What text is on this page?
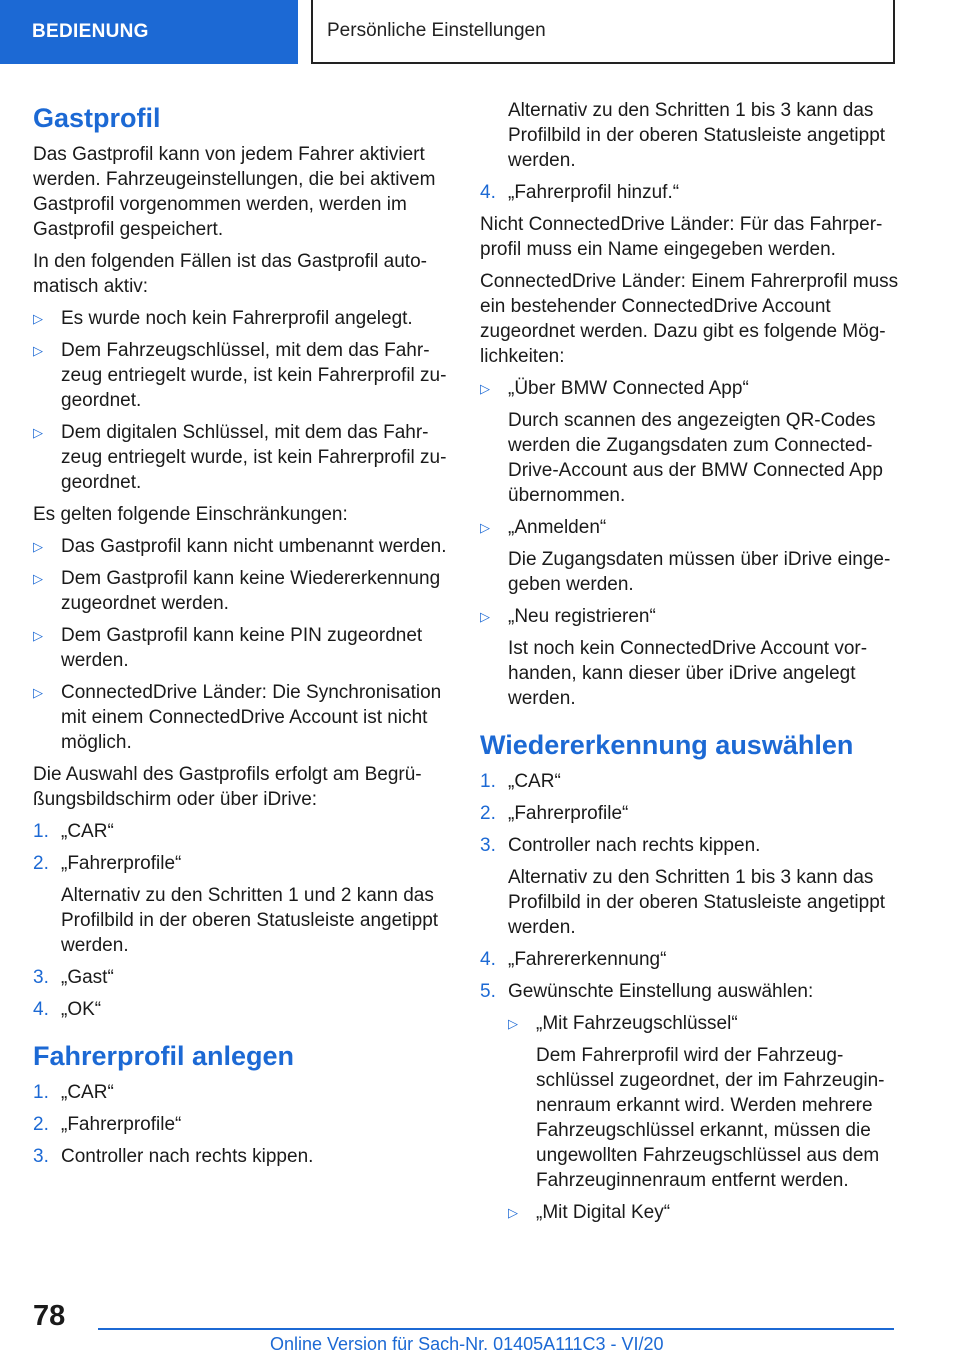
BEDIENUNG	Persönliche Einstellungen
Gastprofil

Das Gastprofil kann von jedem Fahrer aktiviert werden. Fahrzeugeinstellungen, die bei aktivem Gastprofil vorgenommen werden, werden im Gastprofil gespeichert.

In den folgenden Fällen ist das Gastprofil auto‐matisch aktiv:

▷ Es wurde noch kein Fahrerprofil angelegt.
▷ Dem Fahrzeugschlüssel, mit dem das Fahr‐zeug entriegelt wurde, ist kein Fahrerprofil zu‐geordnet.
▷ Dem digitalen Schlüssel, mit dem das Fahr‐zeug entriegelt wurde, ist kein Fahrerprofil zu‐geordnet.

Es gelten folgende Einschränkungen:

▷ Das Gastprofil kann nicht umbenannt werden.
▷ Dem Gastprofil kann keine Wiedererkennung zugeordnet werden.
▷ Dem Gastprofil kann keine PIN zugeordnet werden.
▷ ConnectedDrive Länder: Die Synchronisation mit einem ConnectedDrive Account ist nicht möglich.

Die Auswahl des Gastprofils erfolgt am Begrü‐ßungsbildschirm oder über iDrive:

1. „CAR“
2. „Fahrerprofile“

Alternativ zu den Schritten 1 und 2 kann das Profilbild in der oberen Statusleiste angetippt werden.

3. „Gast“
4. „OK“
Fahrerprofil anlegen
1. „CAR“
2. „Fahrerprofile“
3. Controller nach rechts kippen.

Alternativ zu den Schritten 1 bis 3 kann das Profilbild in der oberen Statusleiste angetippt werden.

4. „Fahrerprofil hinzuf.“

Nicht ConnectedDrive Länder: Für das Fahrper‐profil muss ein Name eingegeben werden.

ConnectedDrive Länder: Einem Fahrerprofil muss ein bestehender ConnectedDrive Account zugeordnet werden. Dazu gibt es folgende Mög‐lichkeiten:

▷ „Über BMW Connected App“

Durch scannen des angezeigten QR-Codes werden die Zugangsdaten zum Connected‐Drive-Account aus der BMW Connected App übernommen.

▷ „Anmelden“

Die Zugangsdaten müssen über iDrive einge‐geben werden.

▷ „Neu registrieren“

Ist noch kein ConnectedDrive Account vor‐handen, kann dieser über iDrive angelegt werden.

Wiedererkennung auswählen
1. „CAR“
2. „Fahrerprofile“
3. Controller nach rechts kippen.

Alternativ zu den Schritten 1 bis 3 kann das Profilbild in der oberen Statusleiste angetippt werden.

4. „Fahrererkennung“
5. Gewünschte Einstellung auswählen:

▷ „Mit Fahrzeugschlüssel“

Dem Fahrerprofil wird der Fahrzeug‐schlüssel zugeordnet, der im Fahrzeugin‐nenraum erkannt wird. Werden mehrere Fahrzeugschlüssel erkannt, müssen die ungewollten Fahrzeugschlüssel aus dem Fahrzeuginnenraum entfernt werden.

▷ „Mit Digital Key“
78
Online Version für Sach-Nr. 01405A111C3 - VI/20
